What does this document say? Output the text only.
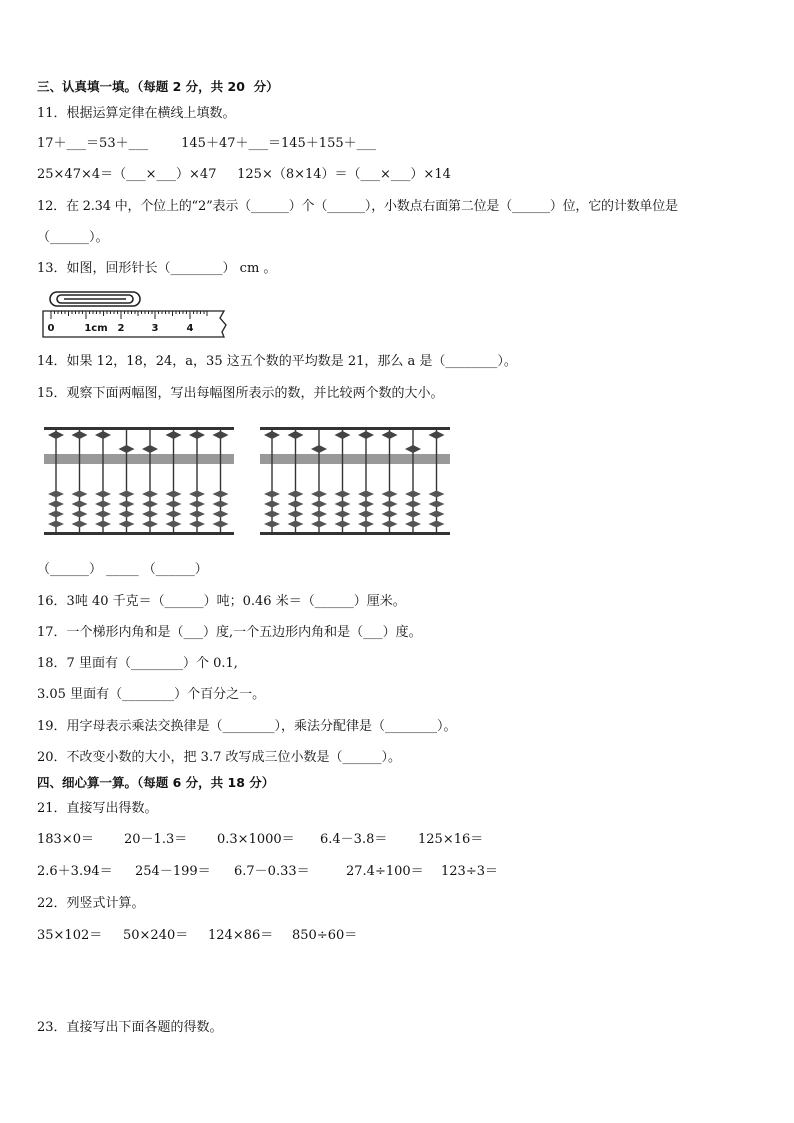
三、认真填一填。（每题 2 分，共 20  分）
11．根据运算定律在横线上填数。
17＋___＝53＋___        145＋47＋___＝145＋155＋___
25×47×4＝（___×___）×47     125×（8×14）＝（___×___）×14
12．在 2.34 中，个位上的“2”表示（______）个（______），小数点右面第二位是（______）位，它的计数单位是
（______）。
13．如图，回形针长（________） cm 。
0	1cm 2	3	4
14．如果 12，18，24，a，35 这五个数的平均数是 21，那么 a 是（________）。
15．观察下面两幅图，写出每幅图所表示的数，并比较两个数的大小。
（______） _____ （______）
16．3吨 40 千克＝（______）吨；0.46 米＝（______）厘米。
17．一个梯形内角和是（___）度,一个五边形内角和是（___）度。
18．7 里面有（________）个 0.1,
3.05 里面有（________）个百分之一。
19．用字母表示乘法交换律是（________），乘法分配律是（________）。
20．不改变小数的大小，把 3.7 改写成三位小数是（______）。
四、细心算一算。（每题 6 分，共 18 分）
21．直接写出得数。
183×0＝ 20－1.3＝ 0.3×1000＝ 6.4－3.8＝ 125×16＝
2.6＋3.94＝ 254－199＝ 6.7－0.33＝	27.4÷100＝ 123÷3＝
22．列竖式计算。
35×102＝ 50×240＝ 124×86＝ 850÷60＝
23．直接写出下面各题的得数。
